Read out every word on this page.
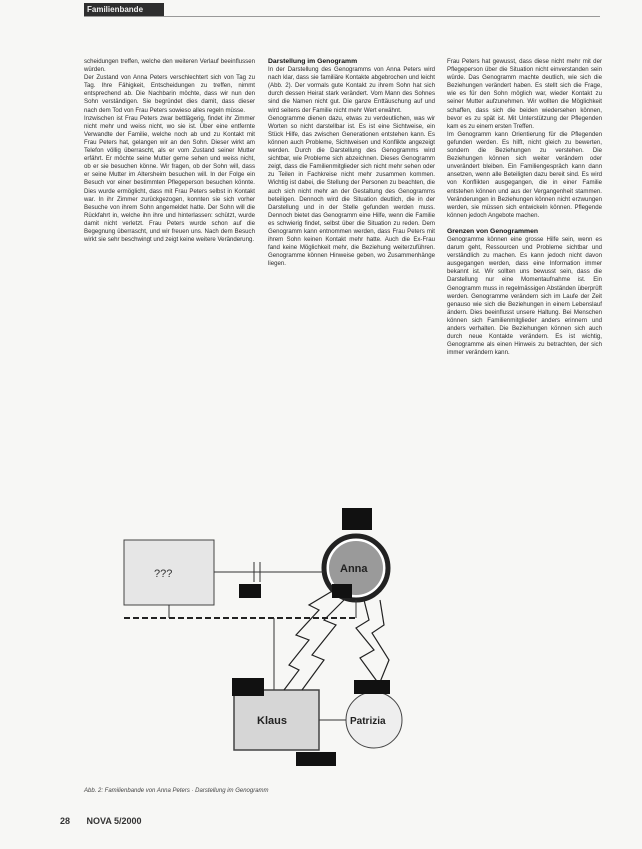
Familienbande

scheidungen treffen, welche den weiteren Verlauf beeinflussen würden.

Der Zustand von Anna Peters verschlechtert sich von Tag zu Tag. Ihre Fähigkeit, Entscheidungen zu treffen, nimmt entsprechend ab. Die Nachbarin möchte, dass wir nun den Sohn verständigen. Sie begründet dies damit, dass dieser nach dem Tod von Frau Peters sowieso alles regeln müsse.

Inzwischen ist Frau Peters zwar bettlägerig, findet ihr Zimmer nicht mehr und weiss nicht, wo sie ist. Über eine entfernte Verwandte der Familie, welche noch ab und zu Kontakt mit Frau Peters hat, gelangen wir an den Sohn. Dieser wirkt am Telefon völlig überrascht, als er vom Zustand seiner Mutter erfährt. Er möchte seine Mutter gerne sehen und weiss nicht, ob er sie besuchen könne. Wir fragen, ob der Sohn will, dass er seine Mutter im Altersheim besuchen will. In der Folge ein Besuch vor einer bestimmten Pflegeperson besuchen könnte. Dies wurde ermöglicht, dass mit Frau Peters selbst in Kontakt war. In ihr Zimmer zurückgezogen, konnten sie sich vorher Besuche von ihrem Sohn angemeldet hatte. Der Sohn will die Rückfahrt in, welche ihn ihre und hinterlassen: schützt, wurde damit nicht verletzt. Frau Peters wurde schon auf die Begegnung überrascht, und wir freuen uns. Nach dem Besuch wirkt sie sehr beschwingt und zeigt keine weitere Veränderung.

Darstellung im Genogramm

In der Darstellung des Genogramms von Anna Peters wird nach klar, dass sie familiäre Kontakte abgebrochen und leicht (Abb. 2). Der vormals gute Kontakt zu ihrem Sohn hat sich durch dessen Heirat stark verändert. Vom Mann des Sohnes sind die Namen nicht gut. Die ganze Enttäuschung auf und wird seitens der Familie nicht mehr Wert erwähnt.

Genogramme dienen dazu, etwas zu verdeutlichen, was wir Worten so nicht darstellbar ist. Es ist eine Sichtweise, ein Stück Hilfe, das zwischen Generationen entstehen kann. Es können auch Probleme, Sichtweisen und Konflikte angezeigt werden. Durch die Darstellung des Genogramms wird sichtbar, wie Probleme sich abzeichnen. Dieses Genogramm zeigt, dass die Familienmitglieder sich nicht mehr sehen oder zu Teilen in Fachkreise nicht mehr zusammen kommen. Wichtig ist dabei, die Stellung der Personen zu beachten, die auch sich nicht mehr an der Gestaltung des Genogramms beteiligen. Dennoch wird die Situation deutlich, die in der Darstellung und in der Stelle gefunden werden muss. Dennoch bietet das Genogramm eine Hilfe, wenn die Familie es schwierig findet, selbst über die Situation zu reden. Dem Genogramm kann entnommen werden, dass Frau Peters mit ihrem Sohn keinen Kontakt mehr hatte. Auch die Ex-Frau fand keine Möglichkeit mehr, die Beziehung weiterzuführen. Genogramme können Hinweise geben, wo Zusammenhänge liegen.

Frau Peters hat gewusst, dass diese nicht mehr mit der Pflegeperson über die Situation nicht einverstanden sein würde. Das Genogramm machte deutlich, wie sich die Beziehungen verändert haben. Es stellt sich die Frage, wie es für den Sohn möglich war, wieder Kontakt zu seiner Mutter aufzunehmen. Wir wollten die Möglichkeit schaffen, dass sich die beiden wiedersehen können, bevor es zu spät ist. Mit Unterstützung der Pflegenden kam es zu einem ersten Treffen.

Im Genogramm kann Orientierung für die Pflegenden gefunden werden. Es hilft, nicht gleich zu bewerten, sondern die Beziehungen zu verstehen. Die Beziehungen können sich weiter verändern oder unverändert bleiben. Ein Familiengespräch kann dann ansetzen, wenn alle Beteiligten dazu bereit sind. Es wird von Konflikten ausgegangen, die in einer Familie entstehen können und aus der Vergangenheit stammen. Veränderungen in Beziehungen können nicht erzwungen werden, sie müssen sich entwickeln können. Pflegende können jedoch Angebote machen.

Grenzen von Genogrammen

Genogramme können eine grosse Hilfe sein, wenn es darum geht, Ressourcen und Probleme sichtbar und verständlich zu machen. Es kann jedoch nicht davon ausgegangen werden, dass eine Information immer bekannt ist. Wir sollten uns bewusst sein, dass die Darstellung nur eine Momentaufnahme ist. Ein Genogramm muss in regelmässigen Abständen überprüft werden. Genogramme verändern sich im Laufe der Zeit genauso wie sich die Beziehungen in einem Lebenslauf ändern. Dies beeinflusst unsere Haltung. Bei Menschen können sich Familienmitglieder anders erinnern und anders verhalten. Die Beziehungen können sich auch durch neue Kontakte verändern. Es ist wichtig, Genogramme als einen Hinweis zu betrachten, der sich immer verändern kann.

???	Anna
Klaus	Patrizia
Abb. 2: Familienbande von Anna Peters · Darstellung im Genogramm
28 NOVA 5/2000
